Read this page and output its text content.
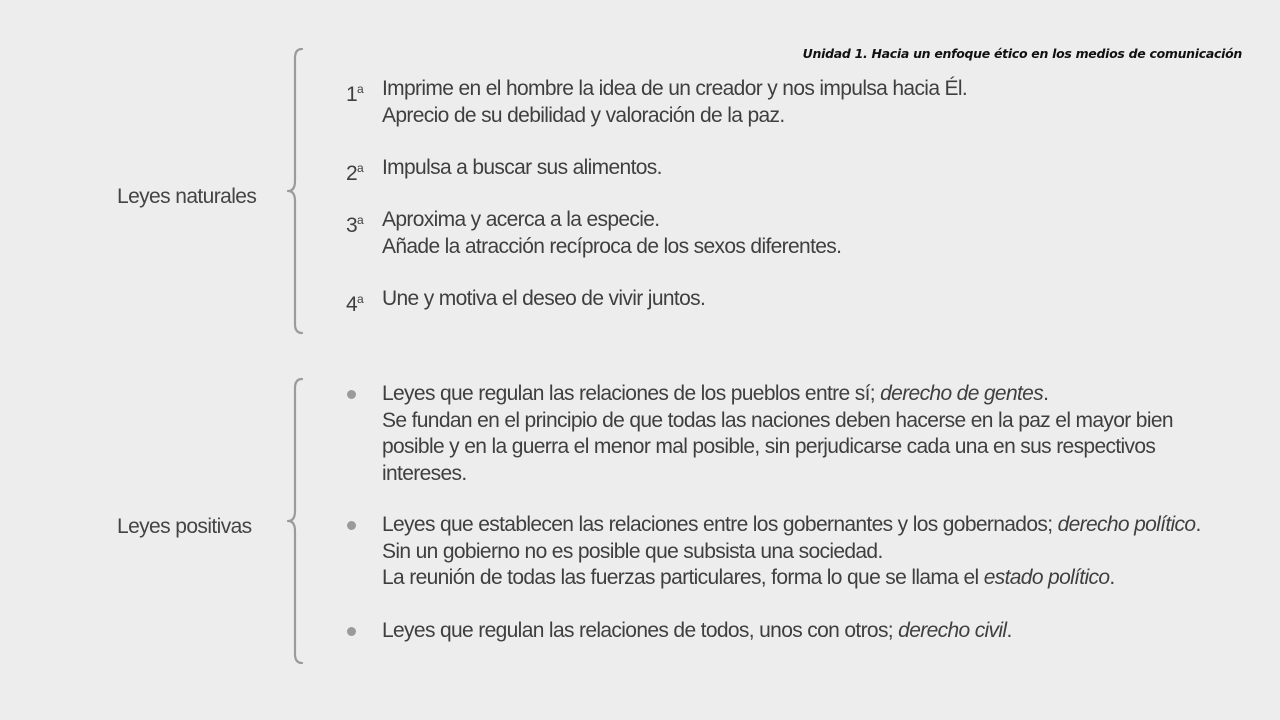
Unidad 1. Hacia un enfoque ético en los medios de comunicación
Leyes naturales
1$^a$ Imprime en el hombre la idea de un creador y nos impulsa hacia Él.
Aprecio de su debilidad y valoración de la paz.
2$^a$ Impulsa a buscar sus alimentos.
3$^a$ Aproxima y acerca a la especie.
Añade la atracción recíproca de los sexos diferentes.
4$^a$ Une y motiva el deseo de vivir juntos.
Leyes positivas
Leyes que regulan las relaciones de los pueblos entre sí; derecho de gentes.
Se fundan en el principio de que todas las naciones deben hacerse en la paz el mayor bien
posible y en la guerra el menor mal posible, sin perjudicarse cada una en sus respectivos
intereses.
Leyes que establecen las relaciones entre los gobernantes y los gobernados; derecho político.
Sin un gobierno no es posible que subsista una sociedad.
La reunión de todas las fuerzas particulares, forma lo que se llama el estado político.
Leyes que regulan las relaciones de todos, unos con otros; derecho civil.
